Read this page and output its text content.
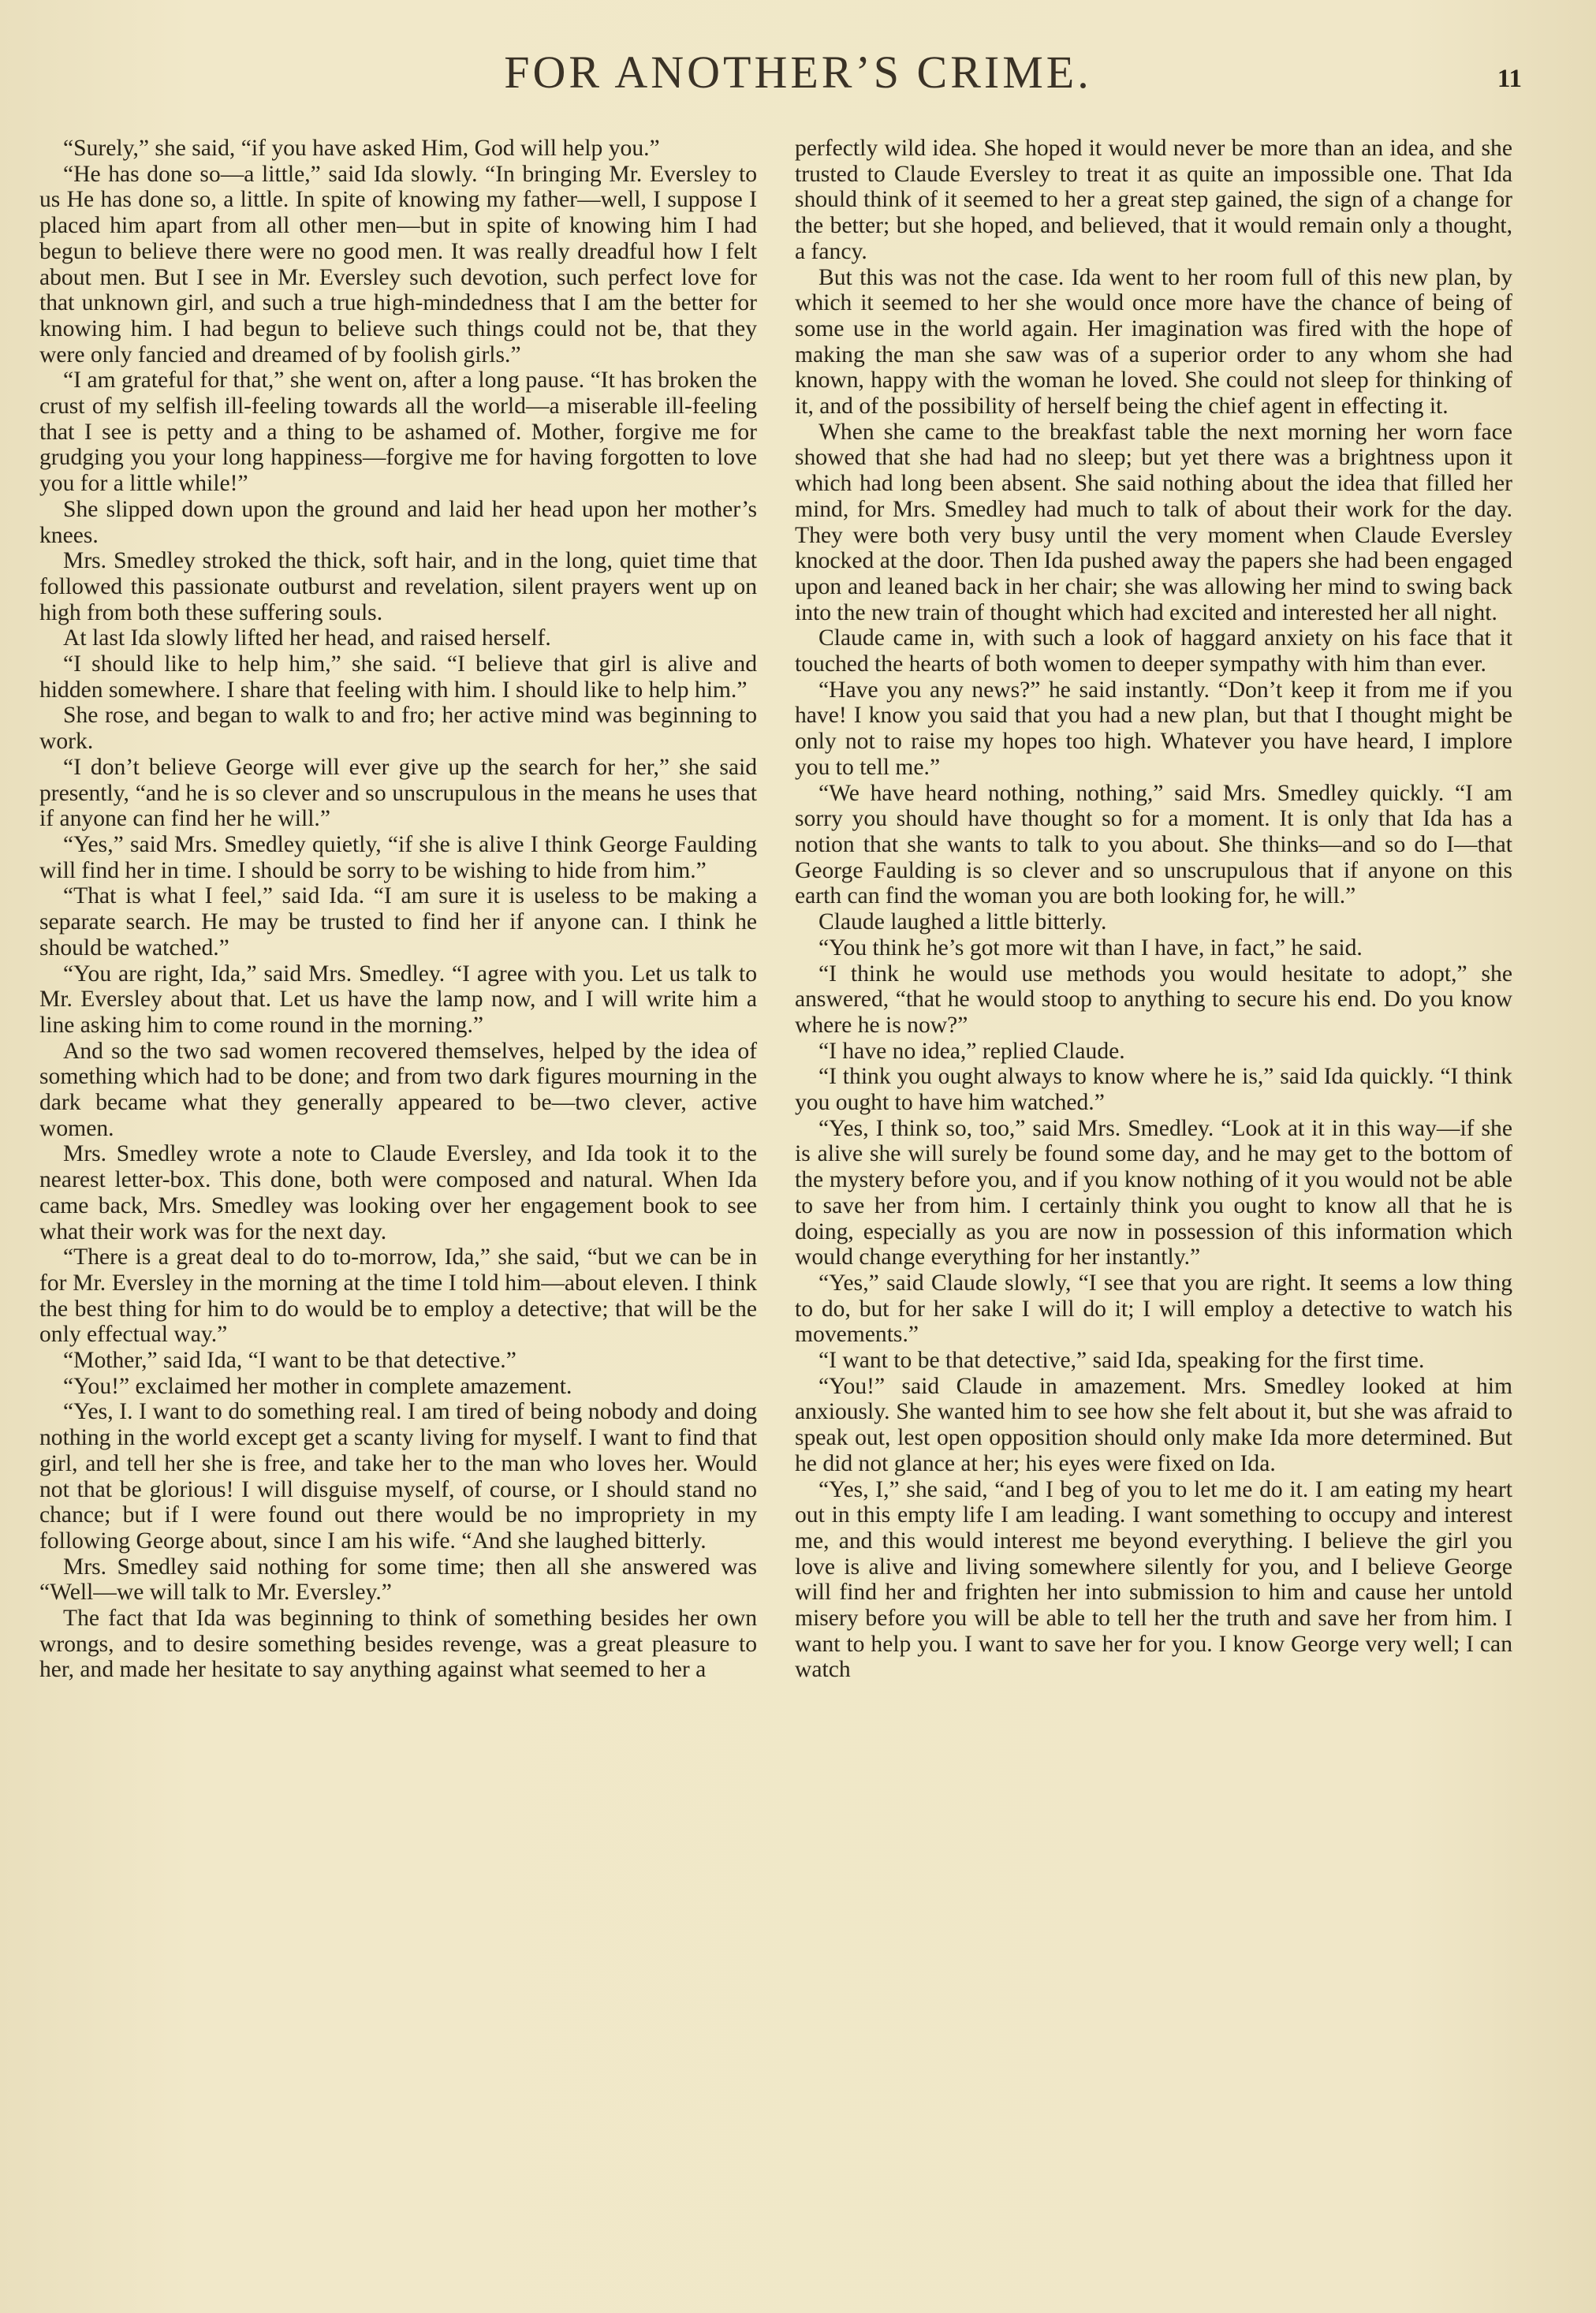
FOR ANOTHER’S CRIME.	11

“Surely,” she said, “if you have asked Him, God will help you.”

“He has done so—a little,” said Ida slowly. “In bringing Mr. Eversley to us He has done so, a little. In spite of knowing my father—well, I suppose I placed him apart from all other men—but in spite of knowing him I had begun to believe there were no good men. It was really dreadful how I felt about men. But I see in Mr. Eversley such devotion, such perfect love for that unknown girl, and such a true high-mindedness that I am the better for knowing him. I had begun to believe such things could not be, that they were only fancied and dreamed of by foolish girls.”

“I am grateful for that,” she went on, after a long pause. “It has broken the crust of my selfish ill-feeling towards all the world—a miserable ill-feeling that I see is petty and a thing to be ashamed of. Mother, forgive me for grudging you your long happiness—forgive me for having forgotten to love you for a little while!”

She slipped down upon the ground and laid her head upon her mother’s knees.

Mrs. Smedley stroked the thick, soft hair, and in the long, quiet time that followed this passionate outburst and revelation, silent prayers went up on high from both these suffering souls.

At last Ida slowly lifted her head, and raised herself.

“I should like to help him,” she said. “I believe that girl is alive and hidden somewhere. I share that feeling with him. I should like to help him.”

She rose, and began to walk to and fro; her active mind was beginning to work.

“I don’t believe George will ever give up the search for her,” she said presently, “and he is so clever and so unscrupulous in the means he uses that if anyone can find her he will.”

“Yes,” said Mrs. Smedley quietly, “if she is alive I think George Faulding will find her in time. I should be sorry to be wishing to hide from him.”

“That is what I feel,” said Ida. “I am sure it is useless to be making a separate search. He may be trusted to find her if anyone can. I think he should be watched.”

“You are right, Ida,” said Mrs. Smedley. “I agree with you. Let us talk to Mr. Eversley about that. Let us have the lamp now, and I will write him a line asking him to come round in the morning.”

And so the two sad women recovered themselves, helped by the idea of something which had to be done; and from two dark figures mourning in the dark became what they generally appeared to be—two clever, active women.

Mrs. Smedley wrote a note to Claude Eversley, and Ida took it to the nearest letter-box. This done, both were composed and natural. When Ida came back, Mrs. Smedley was looking over her engagement book to see what their work was for the next day.

“There is a great deal to do to-morrow, Ida,” she said, “but we can be in for Mr. Eversley in the morning at the time I told him—about eleven. I think the best thing for him to do would be to employ a detective; that will be the only effectual way.”

“Mother,” said Ida, “I want to be that detective.”

“You!” exclaimed her mother in complete amazement.

“Yes, I. I want to do something real. I am tired of being nobody and doing nothing in the world except get a scanty living for myself. I want to find that girl, and tell her she is free, and take her to the man who loves her. Would not that be glorious! I will disguise myself, of course, or I should stand no chance; but if I were found out there would be no impropriety in my following George about, since I am his wife. “And she laughed bitterly.

Mrs. Smedley said nothing for some time; then all she answered was “Well—we will talk to Mr. Eversley.”

The fact that Ida was beginning to think of something besides her own wrongs, and to desire something besides revenge, was a great pleasure to her, and made her hesitate to say anything against what seemed to her a

perfectly wild idea. She hoped it would never be more than an idea, and she trusted to Claude Eversley to treat it as quite an impossible one. That Ida should think of it seemed to her a great step gained, the sign of a change for the better; but she hoped, and believed, that it would remain only a thought, a fancy.

But this was not the case. Ida went to her room full of this new plan, by which it seemed to her she would once more have the chance of being of some use in the world again. Her imagination was fired with the hope of making the man she saw was of a superior order to any whom she had known, happy with the woman he loved. She could not sleep for thinking of it, and of the possibility of herself being the chief agent in effecting it.

When she came to the breakfast table the next morning her worn face showed that she had had no sleep; but yet there was a brightness upon it which had long been absent. She said nothing about the idea that filled her mind, for Mrs. Smedley had much to talk of about their work for the day. They were both very busy until the very moment when Claude Eversley knocked at the door. Then Ida pushed away the papers she had been engaged upon and leaned back in her chair; she was allowing her mind to swing back into the new train of thought which had excited and interested her all night.

Claude came in, with such a look of haggard anxiety on his face that it touched the hearts of both women to deeper sympathy with him than ever.

“Have you any news?” he said instantly. “Don’t keep it from me if you have! I know you said that you had a new plan, but that I thought might be only not to raise my hopes too high. Whatever you have heard, I implore you to tell me.”

“We have heard nothing, nothing,” said Mrs. Smedley quickly. “I am sorry you should have thought so for a moment. It is only that Ida has a notion that she wants to talk to you about. She thinks—and so do I—that George Faulding is so clever and so unscrupulous that if anyone on this earth can find the woman you are both looking for, he will.”

Claude laughed a little bitterly.

“You think he’s got more wit than I have, in fact,” he said.

“I think he would use methods you would hesitate to adopt,” she answered, “that he would stoop to anything to secure his end. Do you know where he is now?”

“I have no idea,” replied Claude.

“I think you ought always to know where he is,” said Ida quickly. “I think you ought to have him watched.”

“Yes, I think so, too,” said Mrs. Smedley. “Look at it in this way—if she is alive she will surely be found some day, and he may get to the bottom of the mystery before you, and if you know nothing of it you would not be able to save her from him. I certainly think you ought to know all that he is doing, especially as you are now in possession of this information which would change everything for her instantly.”

“Yes,” said Claude slowly, “I see that you are right. It seems a low thing to do, but for her sake I will do it; I will employ a detective to watch his movements.”

“I want to be that detective,” said Ida, speaking for the first time.

“You!” said Claude in amazement. Mrs. Smedley looked at him anxiously. She wanted him to see how she felt about it, but she was afraid to speak out, lest open opposition should only make Ida more determined. But he did not glance at her; his eyes were fixed on Ida.

“Yes, I,” she said, “and I beg of you to let me do it. I am eating my heart out in this empty life I am leading. I want something to occupy and interest me, and this would interest me beyond everything. I believe the girl you love is alive and living somewhere silently for you, and I believe George will find her and frighten her into submission to him and cause her untold misery before you will be able to tell her the truth and save her from him. I want to help you. I want to save her for you. I know George very well; I can watch
